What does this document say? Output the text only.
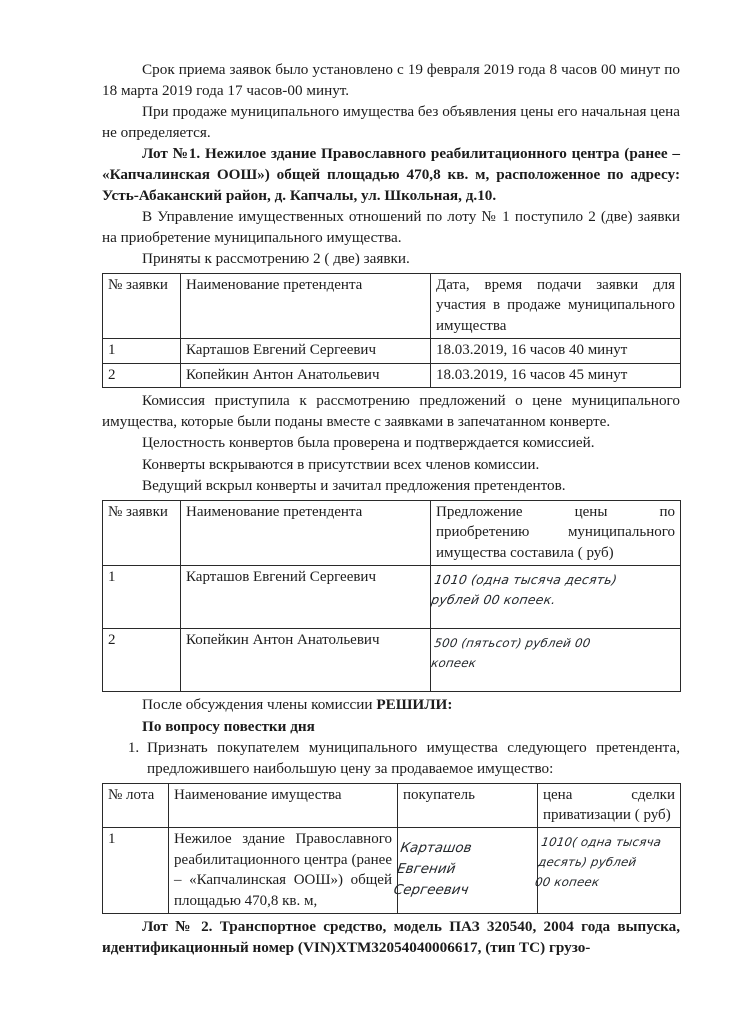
Срок приема заявок было установлено с 19 февраля 2019 года 8 часов 00 минут по 18 марта 2019 года 17 часов-00 минут.

При продаже муниципального имущества без объявления цены его начальная цена не определяется.

Лот №1. Нежилое здание Православного реабилитационного центра (ранее – «Капчалинская ООШ») общей площадью 470,8 кв. м, расположенное по адресу: Усть-Абаканский район, д. Капчалы, ул. Школьная, д.10.

В Управление имущественных отношений по лоту № 1 поступило 2 (две) заявки на приобретение муниципального имущества.

Приняты к рассмотрению 2 ( две) заявки.

№ заявки	Наименование претендента	Дата, время подачи заявки для участия в продаже муниципального имущества
1	Карташов Евгений Сергеевич	18.03.2019, 16 часов 40 минут
2	Копейкин Антон Анатольевич	18.03.2019, 16 часов 45 минут

Комиссия приступила к рассмотрению предложений о цене муниципального имущества, которые были поданы вместе с заявками в запечатанном конверте.

Целостность конвертов была проверена и подтверждается комиссией.

Конверты вскрываются в присутствии всех членов комиссии.

Ведущий вскрыл конверты и зачитал предложения претендентов.

№ заявки	Наименование претендента	Предложение цены по приобретению муниципального имущества составила ( руб)
1	Карташов Евгений Сергеевич	1010 (одна тысяча десять)
рублей 00 копеек.

2	Копейкин Антон Анатольевич	500 (пятьсот) рублей 00
копеек

После обсуждения члены комиссии РЕШИЛИ:

По вопросу повестки дня

1. Признать покупателем муниципального имущества следующего претендента, предложившего наибольшую цену за продаваемое имущество:
№ лота	Наименование имущества	покупатель	цена сделки приватизации ( руб)
1	Нежилое здание Православного реабилитационного центра (ранее – «Капчалинская ООШ») общей площадью 470,8 кв. м,	Карташов
Евгений
Сергеевич	1010( одна тысяча
десять) рублей
00 копеек

Лот № 2. Транспортное средство, модель ПАЗ 320540, 2004 года выпуска, идентификационный номер (VIN)XTM32054040006617, (тип ТС) грузо-
